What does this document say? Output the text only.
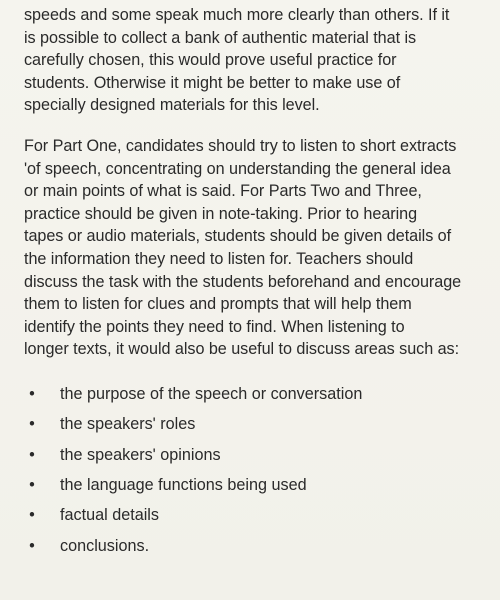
speeds and some speak much more clearly than others. If it
is possible to collect a bank of authentic material that is
carefully chosen, this would prove useful practice for
students. Otherwise it might be better to make use of
specially designed materials for this level.

For Part One, candidates should try to listen to short extracts
'of speech, concentrating on understanding the general idea
or main points of what is said. For Parts Two and Three,
practice should be given in note-taking. Prior to hearing
tapes or audio materials, students should be given details of
the information they need to listen for. Teachers should
discuss the task with the students beforehand and encourage
them to listen for clues and prompts that will help them
identify the points they need to find. When listening to
longer texts, it would also be useful to discuss areas such as:

• the purpose of the speech or conversation
• the speakers' roles
• the speakers' opinions
• the language functions being used
• factual details
• conclusions.
